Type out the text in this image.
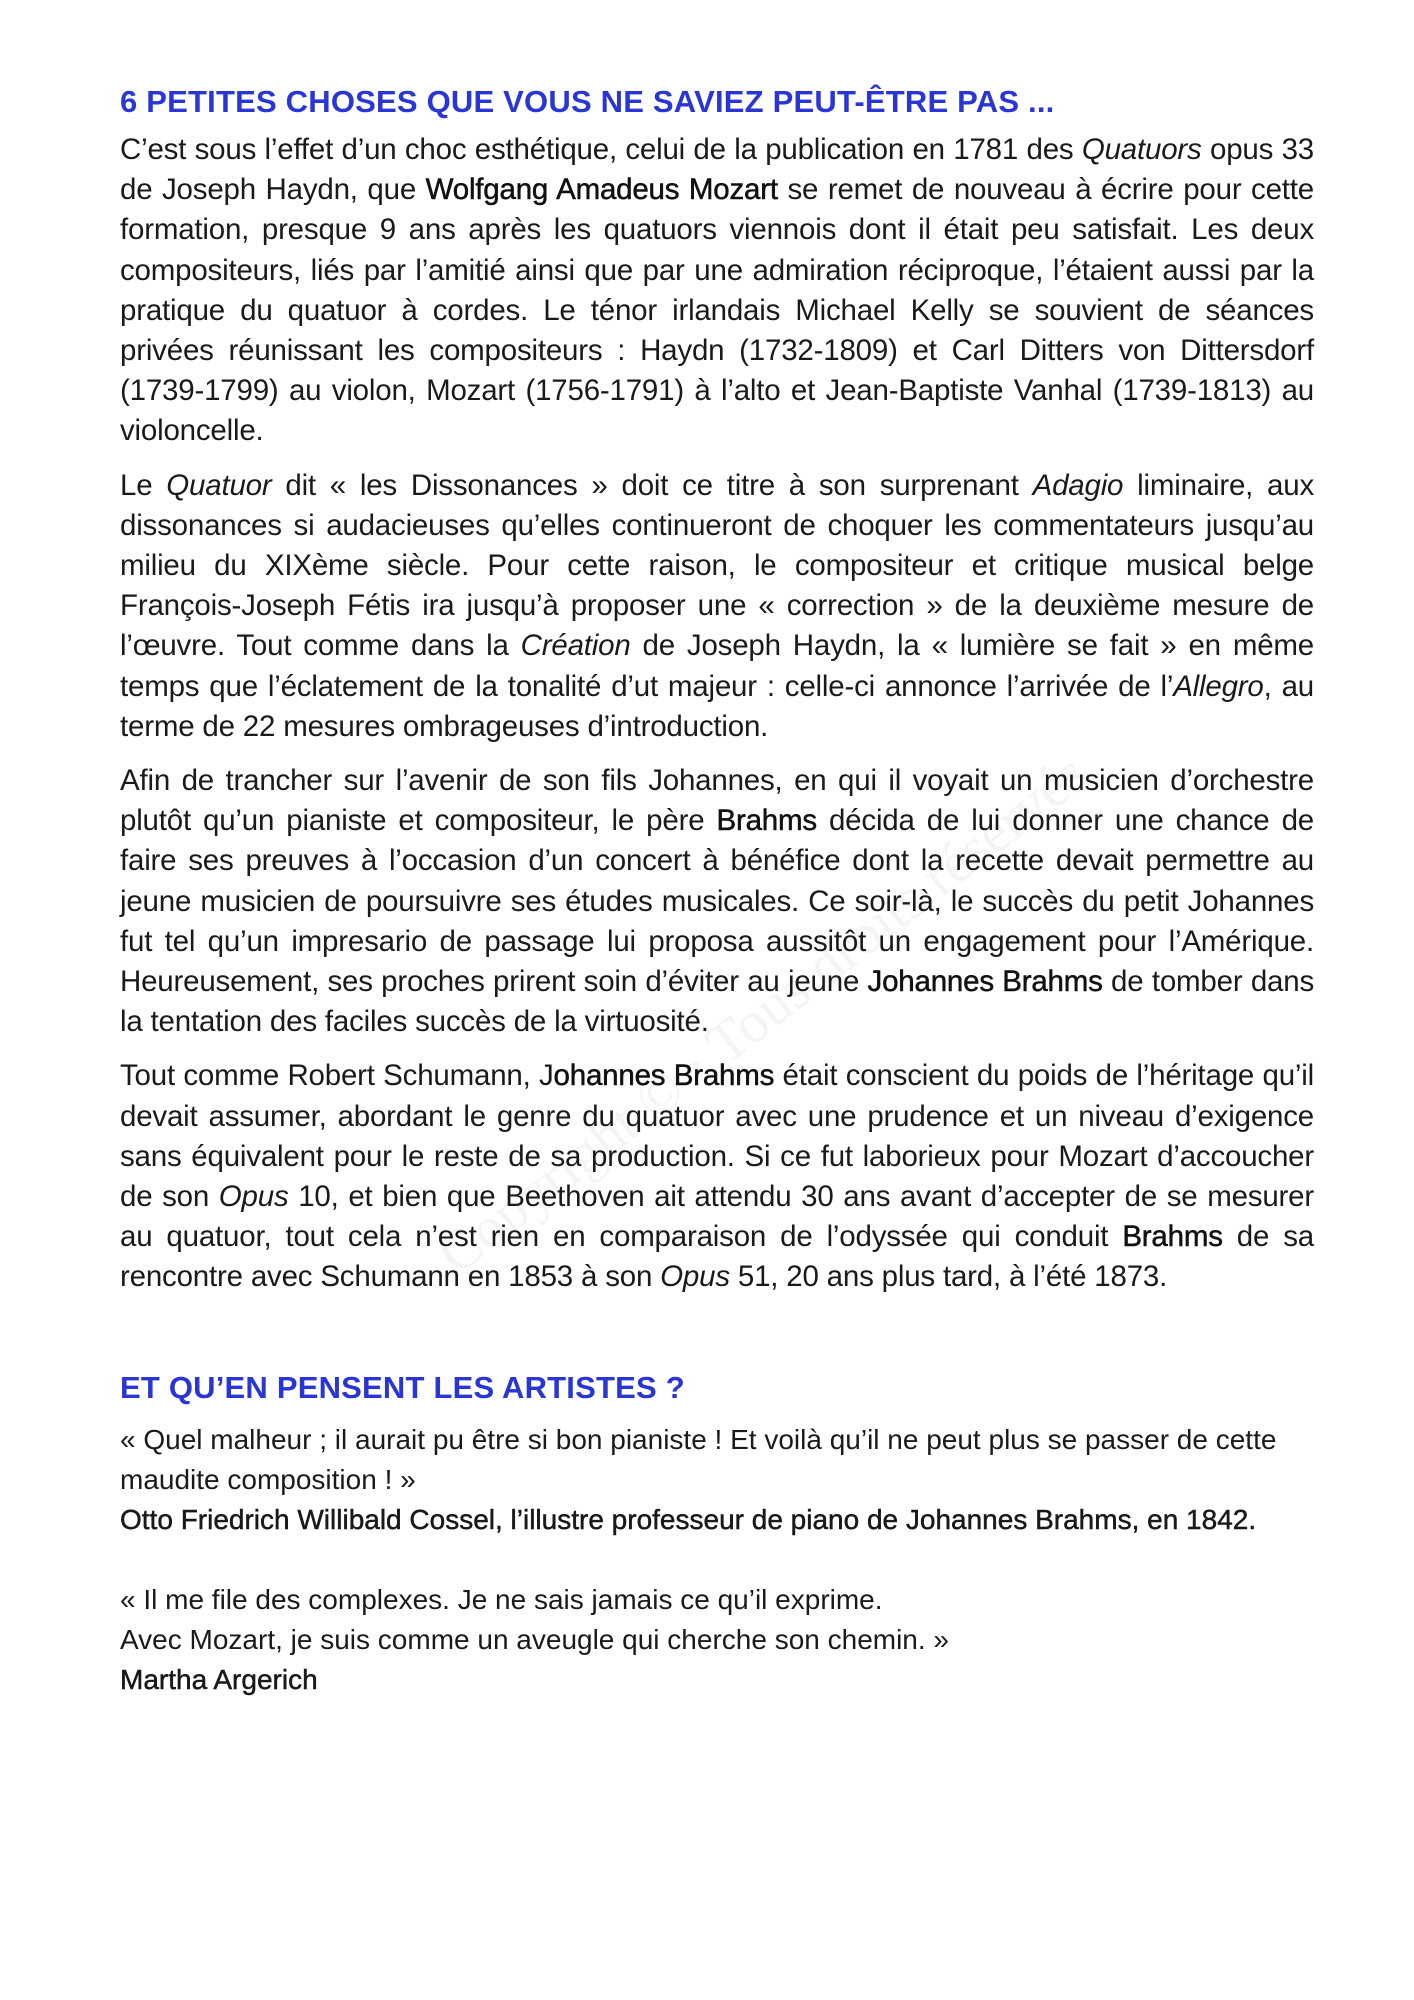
6 PETITES CHOSES QUE VOUS NE SAVIEZ PEUT-ÊTRE PAS ...

C’est sous l’effet d’un choc esthétique, celui de la publication en 1781 des Quatuors opus 33 de Joseph Haydn, que Wolfgang Amadeus Mozart se remet de nouveau à écrire pour cette formation, presque 9 ans après les quatuors viennois dont il était peu satisfait. Les deux compositeurs, liés par l’amitié ainsi que par une admiration réciproque, l’étaient aussi par la pratique du quatuor à cordes. Le ténor irlandais Michael Kelly se souvient de séances privées réunissant les compositeurs : Haydn (1732-1809) et Carl Ditters von Dittersdorf (1739-1799) au violon, Mozart (1756-1791) à l’alto et Jean-Baptiste Vanhal (1739-1813) au violoncelle.

Le Quatuor dit « les Dissonances » doit ce titre à son surprenant Adagio liminaire, aux dissonances si audacieuses qu’elles continueront de choquer les commentateurs jusqu’au milieu du XIXème siècle. Pour cette raison, le compositeur et critique musical belge François-Joseph Fétis ira jusqu’à proposer une « correction » de la deuxième mesure de l’œuvre. Tout comme dans la Création de Joseph Haydn, la « lumière se fait » en même temps que l’éclatement de la tonalité d’ut majeur : celle-ci annonce l’arrivée de l’Allegro, au terme de 22 mesures ombrageuses d’introduction.

Afin de trancher sur l’avenir de son fils Johannes, en qui il voyait un musicien d’orchestre plutôt qu’un pianiste et compositeur, le père Brahms décida de lui donner une chance de faire ses preuves à l’occasion d’un concert à bénéfice dont la recette devait permettre au jeune musicien de poursuivre ses études musicales. Ce soir-là, le succès du petit Johannes fut tel qu’un impresario de passage lui proposa aussitôt un engagement pour l’Amérique. Heureusement, ses proches prirent soin d’éviter au jeune Johannes Brahms de tomber dans la tentation des faciles succès de la virtuosité.

Tout comme Robert Schumann, Johannes Brahms était conscient du poids de l’héritage qu’il devait assumer, abordant le genre du quatuor avec une prudence et un niveau d’exigence sans équivalent pour le reste de sa production. Si ce fut laborieux pour Mozart d’accoucher de son Opus 10, et bien que Beethoven ait attendu 30 ans avant d’accepter de se mesurer au quatuor, tout cela n’est rien en comparaison de l’odyssée qui conduit Brahms de sa rencontre avec Schumann en 1853 à son Opus 51, 20 ans plus tard, à l’été 1873.

ET QU’EN PENSENT LES ARTISTES ?

« Quel malheur ; il aurait pu être si bon pianiste ! Et voilà qu’il ne peut plus se passer de cette maudite composition ! »

Otto Friedrich Willibald Cossel, l’illustre professeur de piano de Johannes Brahms, en 1842.

« Il me file des complexes. Je ne sais jamais ce qu’il exprime.

Avec Mozart, je suis comme un aveugle qui cherche son chemin. »

Martha Argerich
